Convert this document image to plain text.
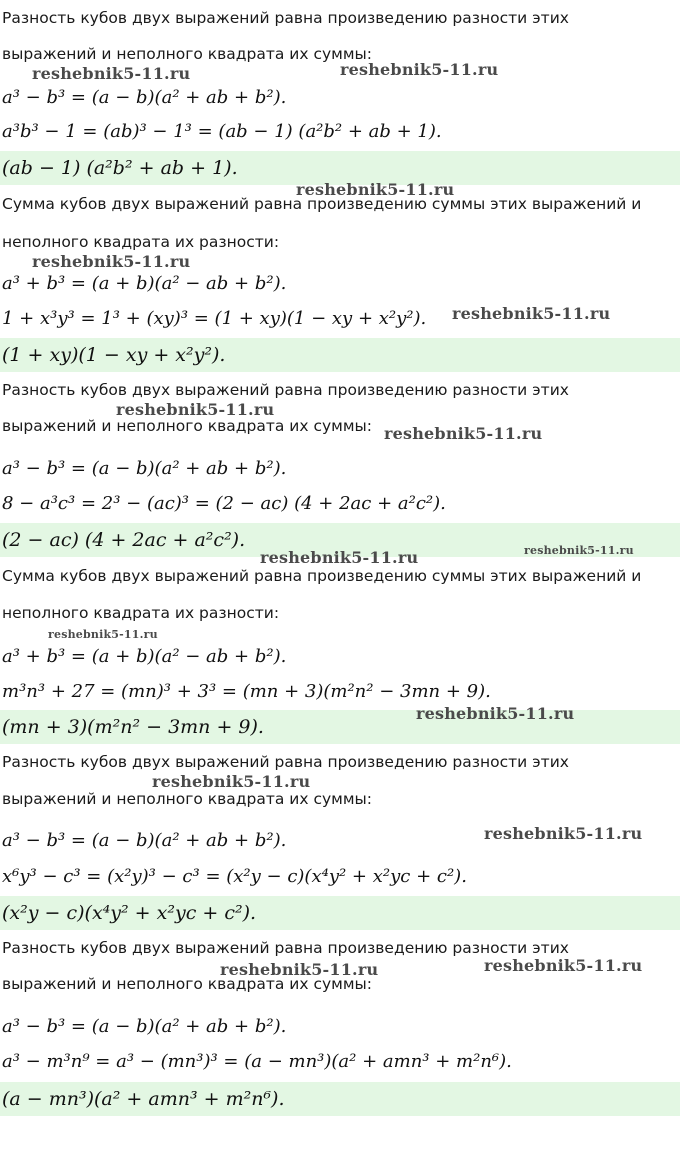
Разность кубов двух выражений равна произведению разности этих
выражений и неполного квадрата их суммы:
a³ − b³ = (a − b)(a² + ab + b²).
a³b³ − 1 = (ab)³ − 1³ = (ab − 1) (a²b² + ab + 1).
(ab − 1) (a²b² + ab + 1).
Сумма кубов двух выражений равна произведению суммы этих выражений и
неполного квадрата их разности:
a³ + b³ = (a + b)(a² − ab + b²).
1 + x³y³ = 1³ + (xy)³ = (1 + xy)(1 − xy + x²y²).
(1 + xy)(1 − xy + x²y²).
Разность кубов двух выражений равна произведению разности этих
выражений и неполного квадрата их суммы:
a³ − b³ = (a − b)(a² + ab + b²).
8 − a³c³ = 2³ − (ac)³ = (2 − ac) (4 + 2ac + a²c²).
(2 − ac) (4 + 2ac + a²c²).
Сумма кубов двух выражений равна произведению суммы этих выражений и
неполного квадрата их разности:
a³ + b³ = (a + b)(a² − ab + b²).
m³n³ + 27 = (mn)³ + 3³ = (mn + 3)(m²n² − 3mn + 9).
(mn + 3)(m²n² − 3mn + 9).
Разность кубов двух выражений равна произведению разности этих
выражений и неполного квадрата их суммы:
a³ − b³ = (a − b)(a² + ab + b²).
x⁶y³ − c³ = (x²y)³ − c³ = (x²y − c)(x⁴y² + x²yc + c²).
(x²y − c)(x⁴y² + x²yc + c²).
Разность кубов двух выражений равна произведению разности этих
выражений и неполного квадрата их суммы:
a³ − b³ = (a − b)(a² + ab + b²).
a³ − m³n⁹ = a³ − (mn³)³ = (a − mn³)(a² + amn³ + m²n⁶).
(a − mn³)(a² + amn³ + m²n⁶).
reshebnik5-11.ru	reshebnik5-11.ru
reshebnik5-11.ru
reshebnik5-11.ru
reshebnik5-11.ru
reshebnik5-11.ru
reshebnik5-11.ru
reshebnik5-11.ru	reshebnik5-11.ru
reshebnik5-11.ru
reshebnik5-11.ru
reshebnik5-11.ru
reshebnik5-11.ru
reshebnik5-11.ru	reshebnik5-11.ru
